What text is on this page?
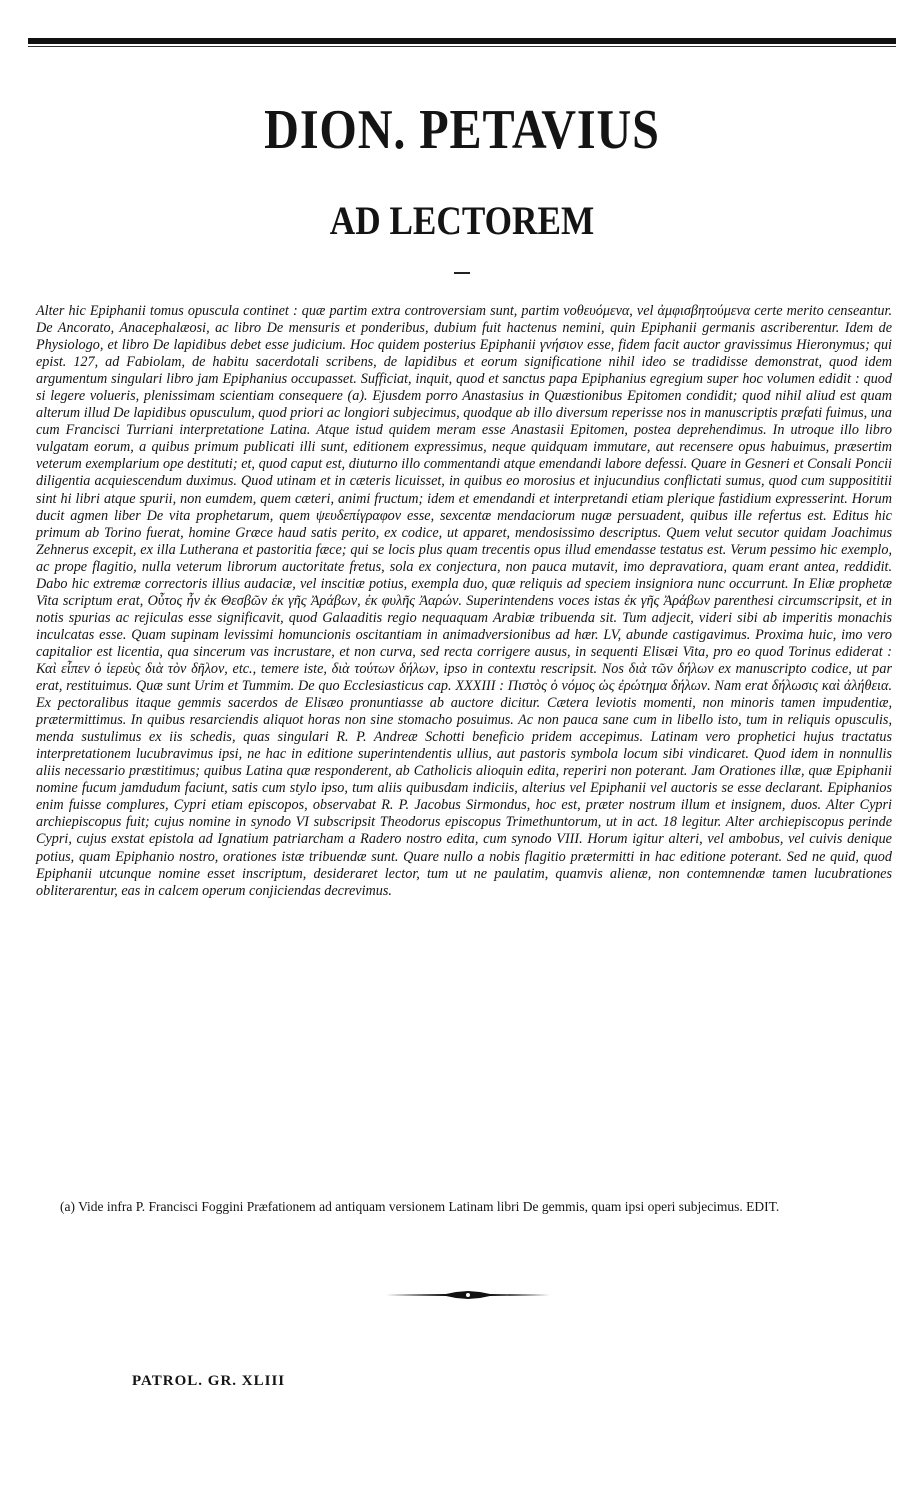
DION. PETAVIUS
AD LECTOREM

Alter hic Epiphanii tomus opuscula continet : quæ partim extra controversiam sunt, partim νοθευόμενα, vel ἀμφισβητούμενα certe merito censeantur. De Ancorato, Anacephalæosi, ac libro De mensuris et ponderibus, dubium fuit hactenus nemini, quin Epiphanii germanis ascriberentur. Idem de Physiologo, et libro De lapidibus debet esse judicium. Hoc quidem posterius Epiphanii γνήσιον esse, fidem facit auctor gravissimus Hieronymus; qui epist. 127, ad Fabiolam, de habitu sacerdotali scribens, de lapidibus et eorum significatione nihil ideo se tradidisse demonstrat, quod idem argumentum singulari libro jam Epiphanius occupasset. Sufficiat, inquit, quod et sanctus papa Epiphanius egregium super hoc volumen edidit : quod si legere volueris, plenissimam scientiam consequere (a). Ejusdem porro Anastasius in Quæstionibus Epitomen condidit; quod nihil aliud est quam alterum illud De lapidibus opusculum, quod priori ac longiori subjecimus, quodque ab illo diversum reperisse nos in manuscriptis præfati fuimus, una cum Francisci Turriani interpretatione Latina. Atque istud quidem meram esse Anastasii Epitomen, postea deprehendimus. In utroque illo libro vulgatam eorum, a quibus primum publicati illi sunt, editionem expressimus, neque quidquam immutare, aut recensere opus habuimus, præsertim veterum exemplarium ope destituti; et, quod caput est, diuturno illo commentandi atque emendandi labore defessi. Quare in Gesneri et Consali Poncii diligentia acquiescendum duximus. Quod utinam et in cæteris licuisset, in quibus eo morosius et injucundius conflictati sumus, quod cum supposititii sint hi libri atque spurii, non eumdem, quem cæteri, animi fructum; idem et emendandi et interpretandi etiam plerique fastidium expresserint. Horum ducit agmen liber De vita prophetarum, quem ψευδεπίγραφον esse, sexcentæ mendaciorum nugæ persuadent, quibus ille refertus est. Editus hic primum ab Torino fuerat, homine Græce haud satis perito, ex codice, ut apparet, mendosissimo descriptus. Quem velut secutor quidam Joachimus Zehnerus excepit, ex illa Lutherana et pastoritia fæce; qui se locis plus quam trecentis opus illud emendasse testatus est. Verum pessimo hic exemplo, ac prope flagitio, nulla veterum librorum auctoritate fretus, sola ex conjectura, non pauca mutavit, imo depravatiora, quam erant antea, reddidit. Dabo hic extremæ correctoris illius audaciæ, vel inscitiæ potius, exempla duo, quæ reliquis ad speciem insigniora nunc occurrunt. In Eliæ prophetæ Vita scriptum erat, Οὗτος ἦν ἐκ Θεσβῶν ἐκ γῆς Ἀράβων, ἐκ φυλῆς Ἀαρών. Superintendens voces istas ἐκ γῆς Ἀράβων parenthesi circumscripsit, et in notis spurias ac rejiculas esse significavit, quod Galaaditis regio nequaquam Arabiæ tribuenda sit. Tum adjecit, videri sibi ab imperitis monachis inculcatas esse. Quam supinam levissimi homuncionis oscitantiam in animadversionibus ad hær. LV, abunde castigavimus. Proxima huic, imo vero capitalior est licentia, qua sincerum vas incrustare, et non curva, sed recta corrigere ausus, in sequenti Elisæi Vita, pro eo quod Torinus ediderat : Καὶ εἶπεν ὁ ἱερεὺς διὰ τὸν δῆλον, etc., temere iste, διὰ τούτων δήλων, ipso in contextu rescripsit. Nos διὰ τῶν δήλων ex manuscripto codice, ut par erat, restituimus. Quæ sunt Urim et Tummim. De quo Ecclesiasticus cap. XXXIII : Πιστὸς ὁ νόμος ὡς ἐρώτημα δήλων. Nam erat δήλωσις καὶ ἀλήθεια. Ex pectoralibus itaque gemmis sacerdos de Elisæo pronuntiasse ab auctore dicitur. Cætera leviotis momenti, non minoris tamen impudentiæ, prætermittimus. In quibus resarciendis aliquot horas non sine stomacho posuimus. Ac non pauca sane cum in libello isto, tum in reliquis opusculis, menda sustulimus ex iis schedis, quas singulari R. P. Andreæ Schotti beneficio pridem accepimus. Latinam vero prophetici hujus tractatus interpretationem lucubravimus ipsi, ne hac in editione superintendentis ullius, aut pastoris symbola locum sibi vindicaret. Quod idem in nonnullis aliis necessario præstitimus; quibus Latina quæ responderent, ab Catholicis alioquin edita, reperiri non poterant. Jam Orationes illæ, quæ Epiphanii nomine fucum jamdudum faciunt, satis cum stylo ipso, tum aliis quibusdam indiciis, alterius vel Epiphanii vel auctoris se esse declarant. Epiphanios enim fuisse complures, Cypri etiam episcopos, observabat R. P. Jacobus Sirmondus, hoc est, præter nostrum illum et insignem, duos. Alter Cypri archiepiscopus fuit; cujus nomine in synodo VI subscripsit Theodorus episcopus Trimethuntorum, ut in act. 18 legitur. Alter archiepiscopus perinde Cypri, cujus exstat epistola ad Ignatium patriarcham a Radero nostro edita, cum synodo VIII. Horum igitur alteri, vel ambobus, vel cuivis denique potius, quam Epiphanio nostro, orationes istæ tribuendæ sunt. Quare nullo a nobis flagitio prætermitti in hac editione poterant. Sed ne quid, quod Epiphanii utcunque nomine esset inscriptum, desideraret lector, tum ut ne paulatim, quamvis alienæ, non contemnendæ tamen lucubrationes obliterarentur, eas in calcem operum conjiciendas decrevimus.

(a) Vide infra P. Francisci Foggini Præfationem ad antiquam versionem Latinam libri De gemmis, quam ipsi operi subjecimus. EDIT.

PATROL. GR. XLIII
